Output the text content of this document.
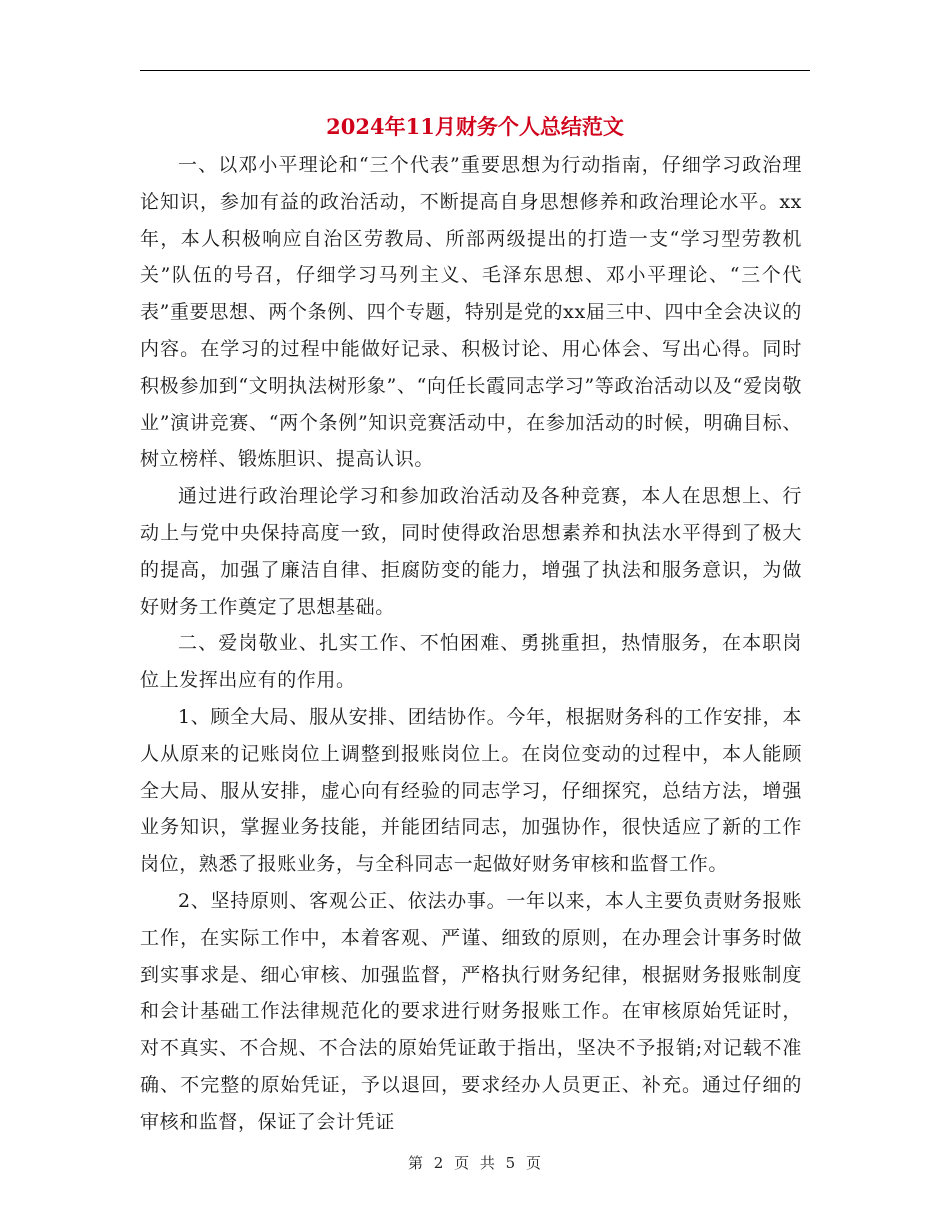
2024年11月财务个人总结范文

一、以邓小平理论和“三个代表”重要思想为行动指南，仔细学习政治理论知识，参加有益的政治活动，不断提高自身思想修养和政治理论水平。xx年，本人积极响应自治区劳教局、所部两级提出的打造一支“学习型劳教机关”队伍的号召，仔细学习马列主义、毛泽东思想、邓小平理论、“三个代表”重要思想、两个条例、四个专题，特别是党的xx届三中、四中全会决议的内容。在学习的过程中能做好记录、积极讨论、用心体会、写出心得。同时积极参加到“文明执法树形象”、“向任长霞同志学习”等政治活动以及“爱岗敬业”演讲竞赛、“两个条例”知识竞赛活动中，在参加活动的时候，明确目标、树立榜样、锻炼胆识、提高认识。

通过进行政治理论学习和参加政治活动及各种竞赛，本人在思想上、行动上与党中央保持高度一致，同时使得政治思想素养和执法水平得到了极大的提高，加强了廉洁自律、拒腐防变的能力，增强了执法和服务意识，为做好财务工作奠定了思想基础。

二、爱岗敬业、扎实工作、不怕困难、勇挑重担，热情服务，在本职岗位上发挥出应有的作用。

1、顾全大局、服从安排、团结协作。今年，根据财务科的工作安排，本人从原来的记账岗位上调整到报账岗位上。在岗位变动的过程中，本人能顾全大局、服从安排，虚心向有经验的同志学习，仔细探究，总结方法，增强业务知识，掌握业务技能，并能团结同志，加强协作，很快适应了新的工作岗位，熟悉了报账业务，与全科同志一起做好财务审核和监督工作。

2、坚持原则、客观公正、依法办事。一年以来，本人主要负责财务报账工作，在实际工作中，本着客观、严谨、细致的原则，在办理会计事务时做到实事求是、细心审核、加强监督，严格执行财务纪律，根据财务报账制度和会计基础工作法律规范化的要求进行财务报账工作。在审核原始凭证时，对不真实、不合规、不合法的原始凭证敢于指出，坚决不予报销;对记载不准确、不完整的原始凭证，予以退回，要求经办人员更正、补充。通过仔细的审核和监督，保证了会计凭证

第 2 页 共 5 页
